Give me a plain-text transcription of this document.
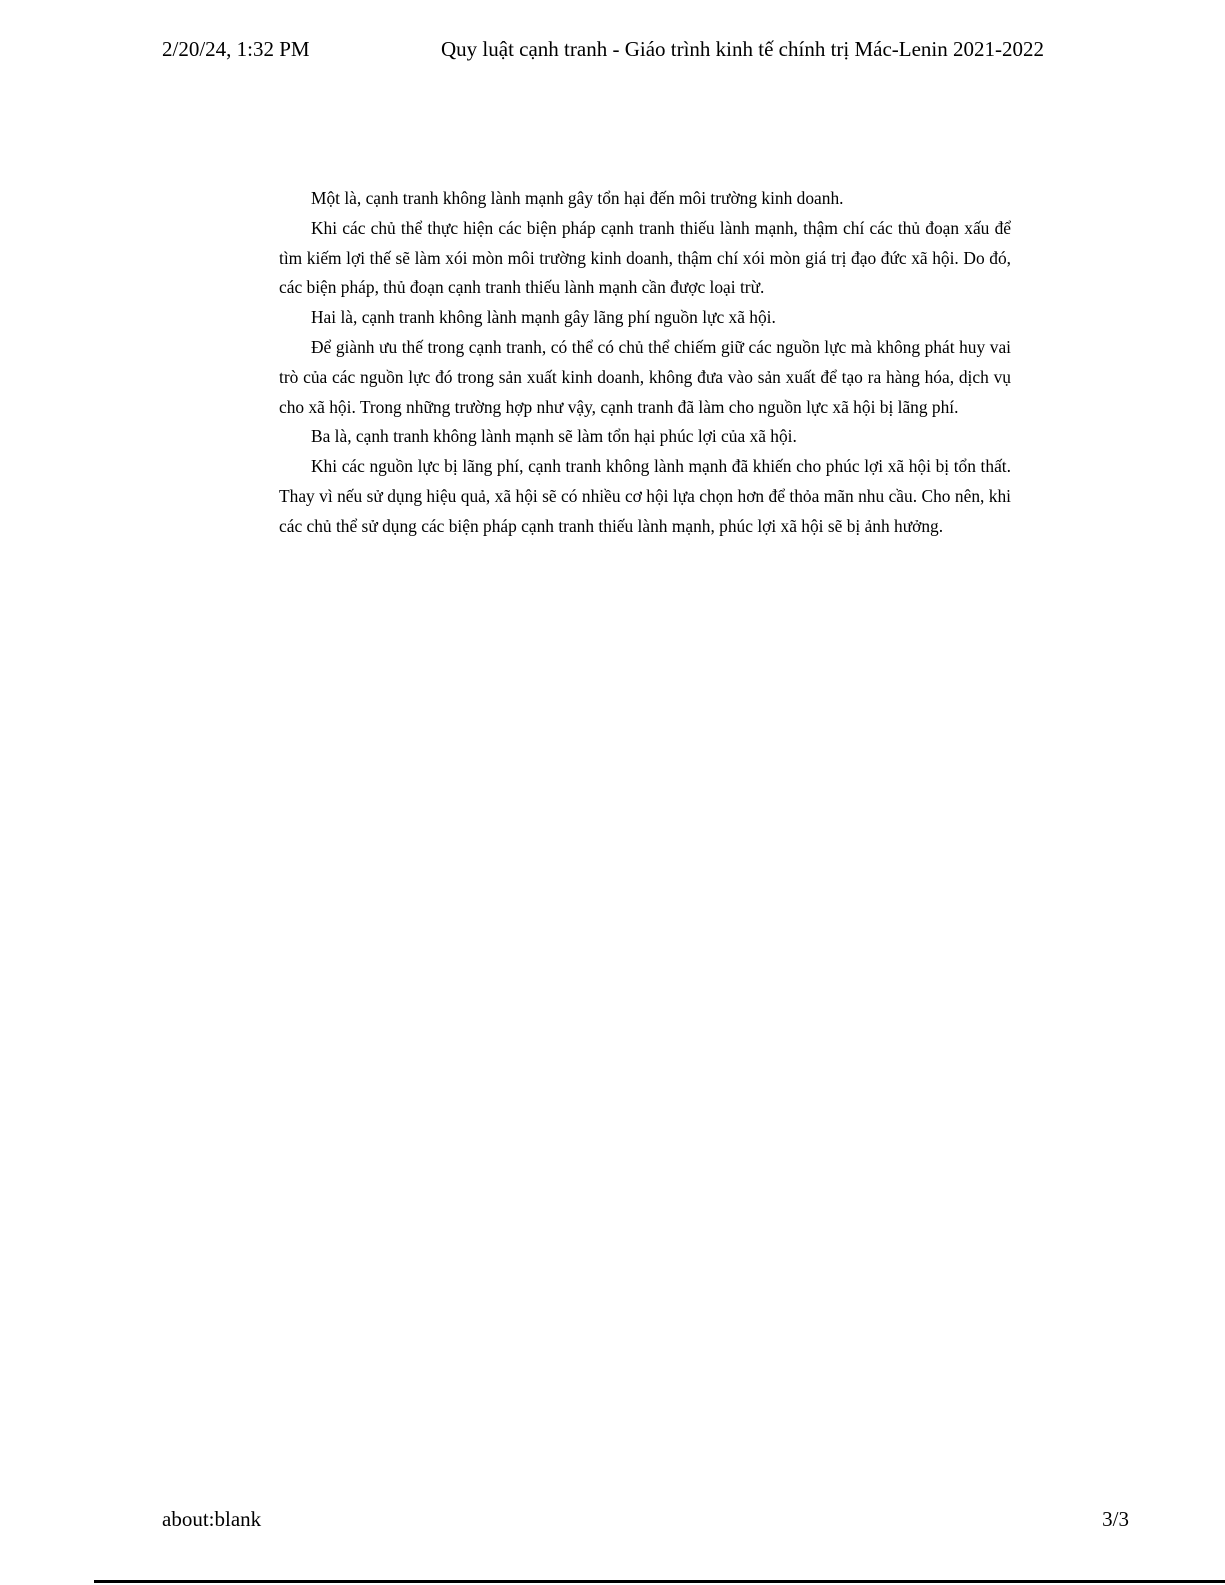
2/20/24, 1:32 PM	Quy luật cạnh tranh - Giáo trình kinh tế chính trị Mác-Lenin 2021-2022

Một là, cạnh tranh không lành mạnh gây tổn hại đến môi trường kinh doanh.

Khi các chủ thể thực hiện các biện pháp cạnh tranh thiếu lành mạnh, thậm chí các thủ đoạn xấu để tìm kiếm lợi thế sẽ làm xói mòn môi trường kinh doanh, thậm chí xói mòn giá trị đạo đức xã hội. Do đó, các biện pháp, thủ đoạn cạnh tranh thiếu lành mạnh cần được loại trừ.

Hai là, cạnh tranh không lành mạnh gây lãng phí nguồn lực xã hội.

Để giành ưu thế trong cạnh tranh, có thể có chủ thể chiếm giữ các nguồn lực mà không phát huy vai trò của các nguồn lực đó trong sản xuất kinh doanh, không đưa vào sản xuất để tạo ra hàng hóa, dịch vụ cho xã hội. Trong những trường hợp như vậy, cạnh tranh đã làm cho nguồn lực xã hội bị lãng phí.

Ba là, cạnh tranh không lành mạnh sẽ làm tổn hại phúc lợi của xã hội.

Khi các nguồn lực bị lãng phí, cạnh tranh không lành mạnh đã khiến cho phúc lợi xã hội bị tổn thất. Thay vì nếu sử dụng hiệu quả, xã hội sẽ có nhiều cơ hội lựa chọn hơn để thỏa mãn nhu cầu. Cho nên, khi các chủ thể sử dụng các biện pháp cạnh tranh thiếu lành mạnh, phúc lợi xã hội sẽ bị ảnh hưởng.

about:blank	3/3
